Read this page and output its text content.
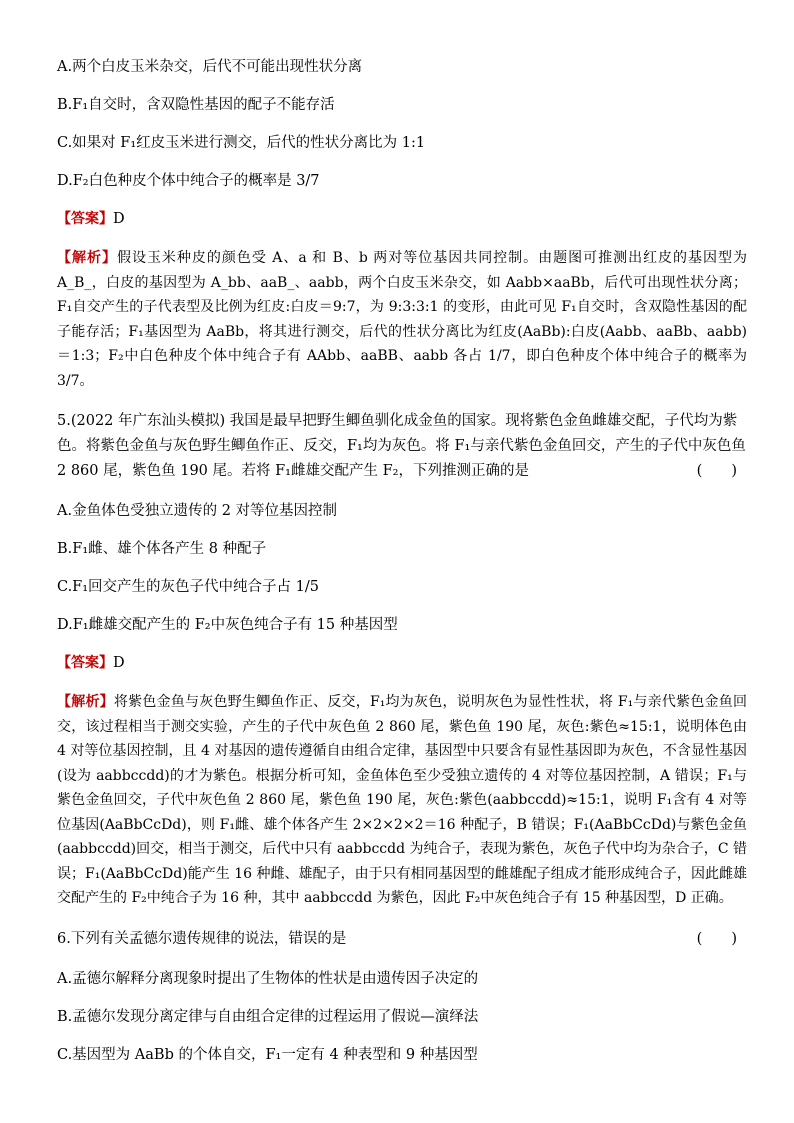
A.两个白皮玉米杂交，后代不可能出现性状分离

B.F₁自交时，含双隐性基因的配子不能存活

C.如果对 F₁红皮玉米进行测交，后代的性状分离比为 1:1

D.F₂白色种皮个体中纯合子的概率是 3/7

【答案】D

【解析】假设玉米种皮的颜色受 A、a 和 B、b 两对等位基因共同控制。由题图可推测出红皮的基因型为A_B_，白皮的基因型为 A_bb、aaB_、aabb，两个白皮玉米杂交，如 Aabb×aaBb，后代可出现性状分离；F₁自交产生的子代表型及比例为红皮:白皮＝9:7，为 9:3:3:1 的变形，由此可见 F₁自交时，含双隐性基因的配子能存活；F₁基因型为 AaBb，将其进行测交，后代的性状分离比为红皮(AaBb):白皮(Aabb、aaBb、aabb)＝1:3；F₂中白色种皮个体中纯合子有 AAbb、aaBB、aabb 各占 1/7，即白色种皮个体中纯合子的概率为 3/7。

5.(2022 年广东汕头模拟) 我国是最早把野生鲫鱼驯化成金鱼的国家。现将紫色金鱼雌雄交配，子代均为紫色。将紫色金鱼与灰色野生鲫鱼作正、反交，F₁均为灰色。将 F₁与亲代紫色金鱼回交，产生的子代中灰色鱼 2 860 尾，紫色鱼 190 尾。若将 F₁雌雄交配产生 F₂，下列推测正确的是	(　　)

A.金鱼体色受独立遗传的 2 对等位基因控制

B.F₁雌、雄个体各产生 8 种配子

C.F₁回交产生的灰色子代中纯合子占 1/5

D.F₁雌雄交配产生的 F₂中灰色纯合子有 15 种基因型

【答案】D

【解析】将紫色金鱼与灰色野生鲫鱼作正、反交，F₁均为灰色，说明灰色为显性性状，将 F₁与亲代紫色金鱼回交，该过程相当于测交实验，产生的子代中灰色鱼 2 860 尾，紫色鱼 190 尾，灰色:紫色≈15:1，说明体色由 4 对等位基因控制，且 4 对基因的遗传遵循自由组合定律，基因型中只要含有显性基因即为灰色，不含显性基因(设为 aabbccdd)的才为紫色。根据分析可知，金鱼体色至少受独立遗传的 4 对等位基因控制，A 错误；F₁与紫色金鱼回交，子代中灰色鱼 2 860 尾，紫色鱼 190 尾，灰色:紫色(aabbccdd)≈15:1，说明 F₁含有 4 对等位基因(AaBbCcDd)，则 F₁雌、雄个体各产生 2×2×2×2＝16 种配子，B 错误；F₁(AaBbCcDd)与紫色金鱼(aabbccdd)回交，相当于测交，后代中只有 aabbccdd 为纯合子，表现为紫色，灰色子代中均为杂合子，C 错误；F₁(AaBbCcDd)能产生 16 种雌、雄配子，由于只有相同基因型的雌雄配子组成才能形成纯合子，因此雌雄交配产生的 F₂中纯合子为 16 种，其中 aabbccdd 为紫色，因此 F₂中灰色纯合子有 15 种基因型，D 正确。

6.下列有关孟德尔遗传规律的说法，错误的是	(　　)

A.孟德尔解释分离现象时提出了生物体的性状是由遗传因子决定的

B.孟德尔发现分离定律与自由组合定律的过程运用了假说—演绎法

C.基因型为 AaBb 的个体自交，F₁一定有 4 种表型和 9 种基因型
